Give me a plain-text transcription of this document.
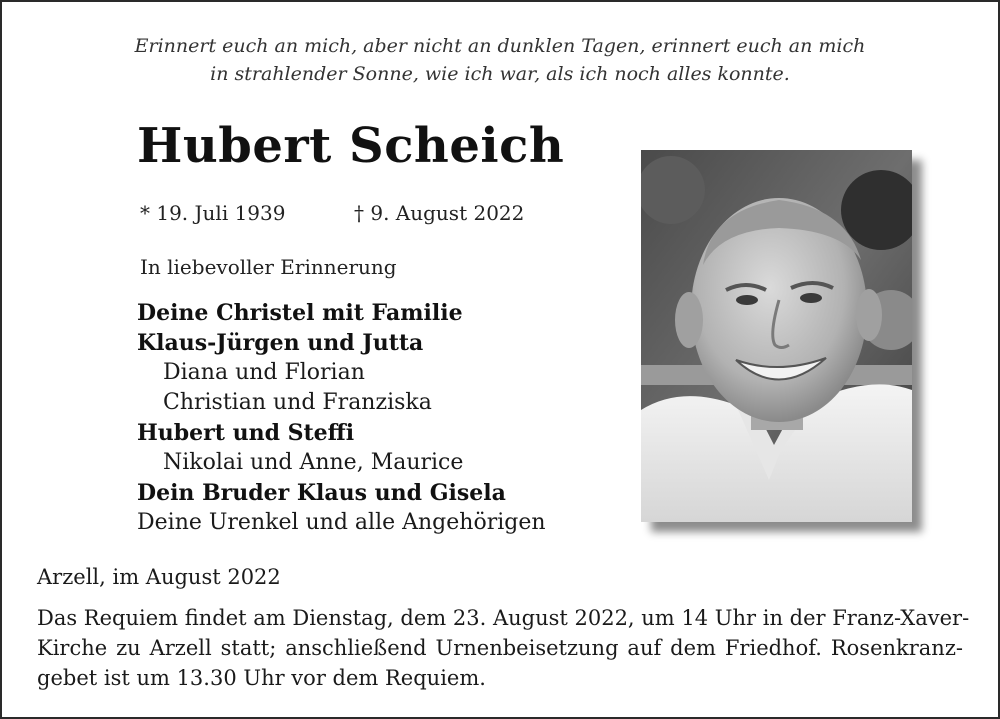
Erinnert euch an mich, aber nicht an dunklen Tagen, erinnert euch an mich
in strahlender Sonne, wie ich war, als ich noch alles konnte.
Hubert Scheich
* 19. Juli 1939	† 9. August 2022
In liebevoller Erinnerung
Deine Christel mit Familie
Klaus-Jürgen und Jutta
Diana und Florian
Christian und Franziska
Hubert und Steffi
Nikolai und Anne, Maurice
Dein Bruder Klaus und Gisela
Deine Urenkel und alle Angehörigen
Arzell, im August 2022
Das Requiem findet am Dienstag, dem 23. August 2022, um 14 Uhr in der Franz-Xaver-
Kirche zu Arzell statt; anschließend Urnenbeisetzung auf dem Friedhof. Rosenkranz-
gebet ist um 13.30 Uhr vor dem Requiem.
